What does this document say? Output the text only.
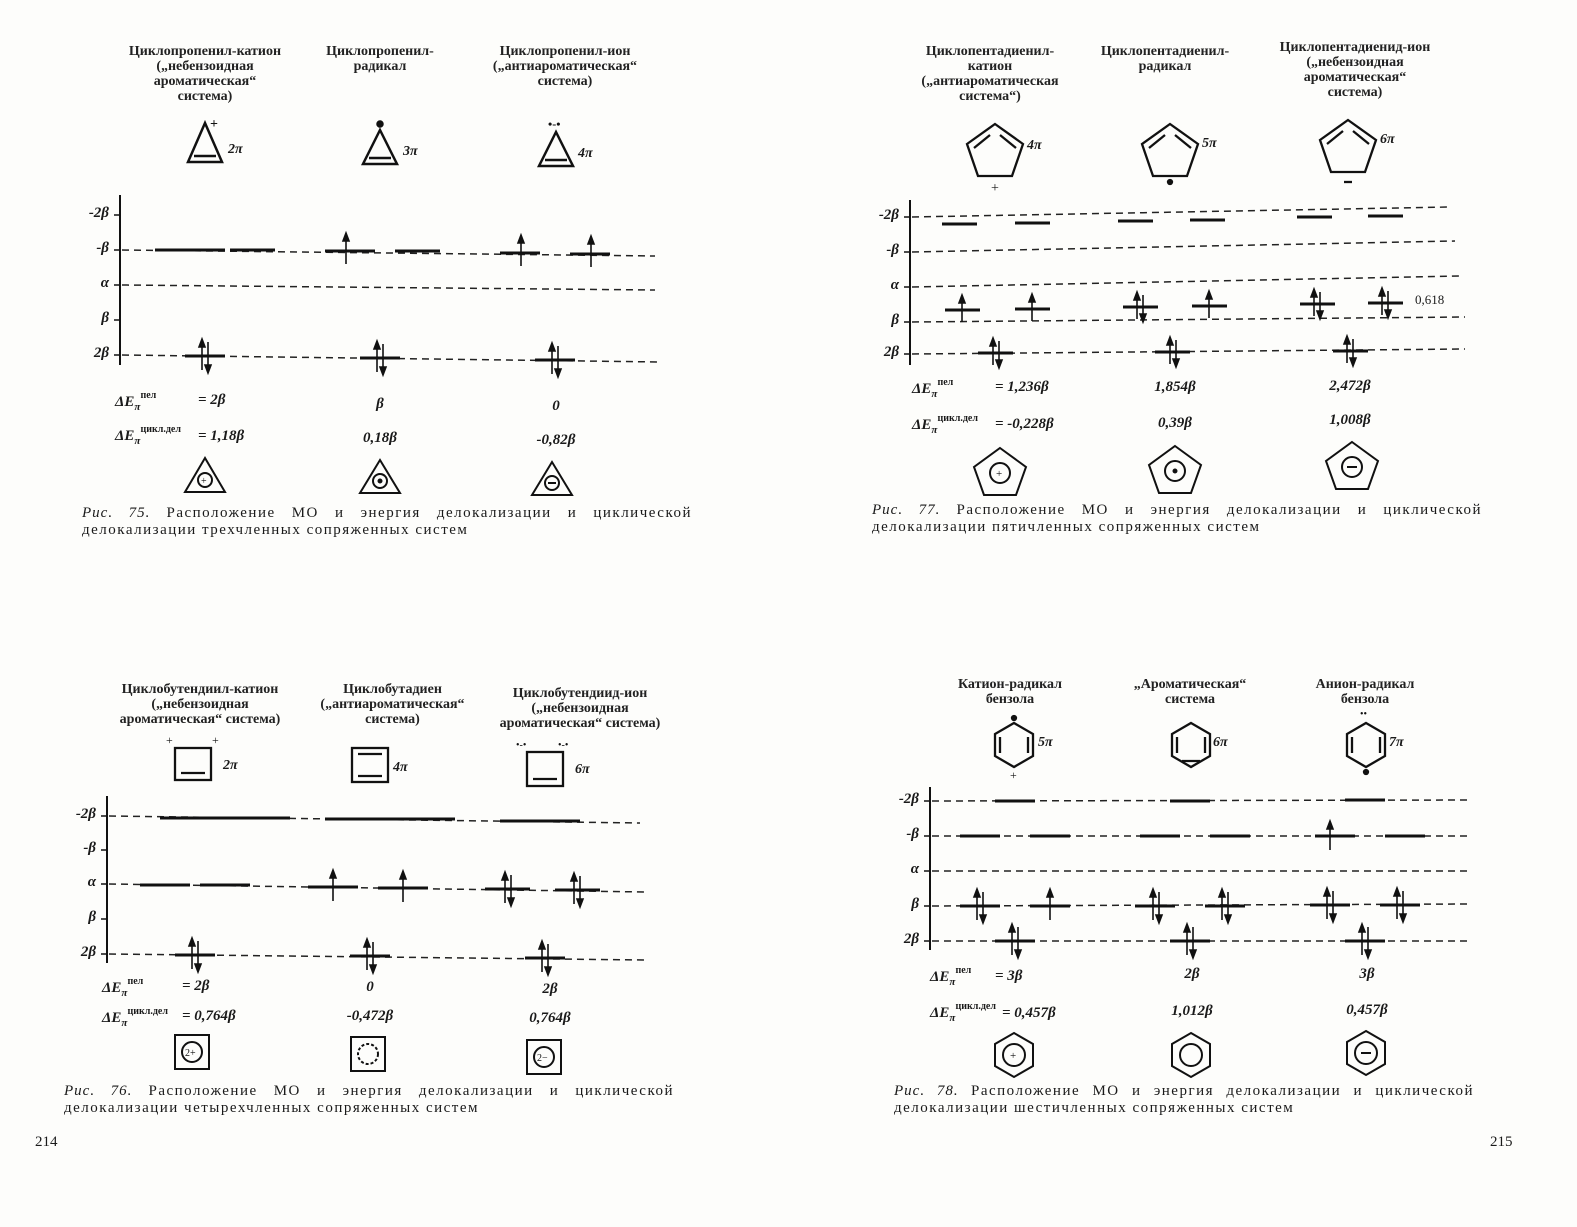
Циклопропенил-катион
(„небензоидная
ароматическая“
система)
Циклопропенил-
радикал
Циклопропенил-ион
(„антиароматическая“
система)
+	•-•
+
2π	3π	4π
-2β
-β
α
β
2β
$\Delta E_\pi^{пел}$	= 2β	β	0
$\Delta E_\pi^{цикл.дел} = 1,18\beta$	0,18β	-0,82β
Рис. 75. Расположение МО и энергия делокализации и циклической делокализации трехчленных сопряженных систем
Циклопентадиенил-
катион
(„антиароматическая
система“)
Циклопентадиенил-
радикал
Циклопентадиенид-ион
(„небензоидная
ароматическая“
система)
+
+
4π	5π	6π
-2β
-β
α
β
2β
0,618
$\Delta E_\pi^{пел}$	= 1,236β	1,854β	2,472β
$\Delta E_\pi^{цикл.дел} = -0,228\beta$	0,39β	1,008β
Рис. 77. Расположение МО и энергия делокализации и циклической делокализации пятичленных сопряженных систем
Циклобутендиил-катион
(„небензоидная
ароматическая“ система)
Циклобутадиен
(„антиароматическая“
система)
Циклобутендиид-ион
(„небензоидная
ароматическая“ система)
+	+	•-•	•-•
2+	2−
2π	4π	6π
-2β
-β
α
β
2β
$\Delta E_\pi^{пел}$	= 2β	0	2β
$\Delta E_\pi^{цикл.дел} = 0,764\beta$	-0,472β	0,764β
Рис. 76. Расположение МО и энергия делокализации и циклической делокализации четырехчленных сопряженных систем
Катион-радикал
бензола
„Ароматическая“
система
Анион-радикал
бензола
+
••
+
5π	6π	7π
-2β
-β
α
β
2β
$\Delta E_\pi^{пел} = 3\beta$	2β	3β
$\Delta E_\pi^{цикл.дел} = 0,457\beta$	1,012β	0,457β
Рис. 78. Расположение МО и энергия делокализации и циклической делокализации шестичленных сопряженных систем
214	215
